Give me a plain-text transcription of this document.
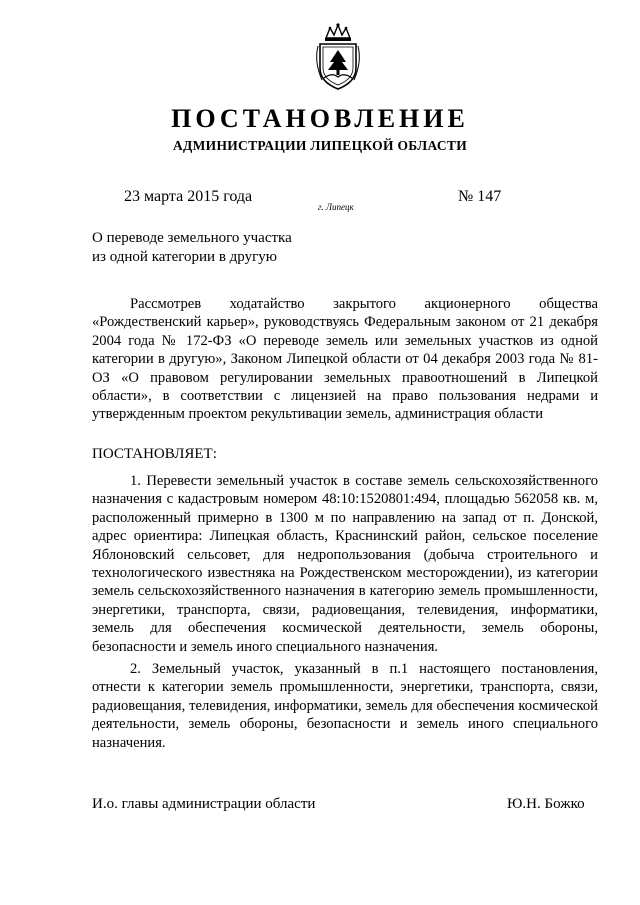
ПОСТАНОВЛЕНИЕ
АДМИНИСТРАЦИИ ЛИПЕЦКОЙ ОБЛАСТИ
23 марта 2015 года
г. Липецк
№ 147
О переводе земельного участка
из одной категории в другую

Рассмотрев ходатайство закрытого акционерного общества «Рождественский карьер», руководствуясь Федеральным законом от 21 декабря 2004 года № 172-ФЗ «О переводе земель или земельных участков из одной категории в другую», Законом Липецкой области от 04 декабря 2003 года № 81-ОЗ «О правовом регулировании земельных правоотношений в Липецкой области», в соответствии с лицензией на право пользования недрами и утвержденным проектом рекультивации земель, администрация области

ПОСТАНОВЛЯЕТ:

1. Перевести земельный участок в составе земель сельскохозяйственного назначения с кадастровым номером 48:10:1520801:494, площадью 562058 кв. м, расположенный примерно в 1300 м по направлению на запад от п. Донской, адрес ориентира: Липецкая область, Краснинский район, сельское поселение Яблоновский сельсовет, для недропользования (добыча строительного и технологического известняка на Рождественском месторождении), из категории земель сельскохозяйственного назначения в категорию земель промышленности, энергетики, транспорта, связи, радиовещания, телевидения, информатики, земель для обеспечения космической деятельности, земель обороны, безопасности и земель иного специального назначения.

2. Земельный участок, указанный в п.1 настоящего постановления, отнести к категории земель промышленности, энергетики, транспорта, связи, радиовещания, телевидения, информатики, земель для обеспечения космической деятельности, земель обороны, безопасности и земель иного специального назначения.

И.о. главы администрации области	Ю.Н. Божко
